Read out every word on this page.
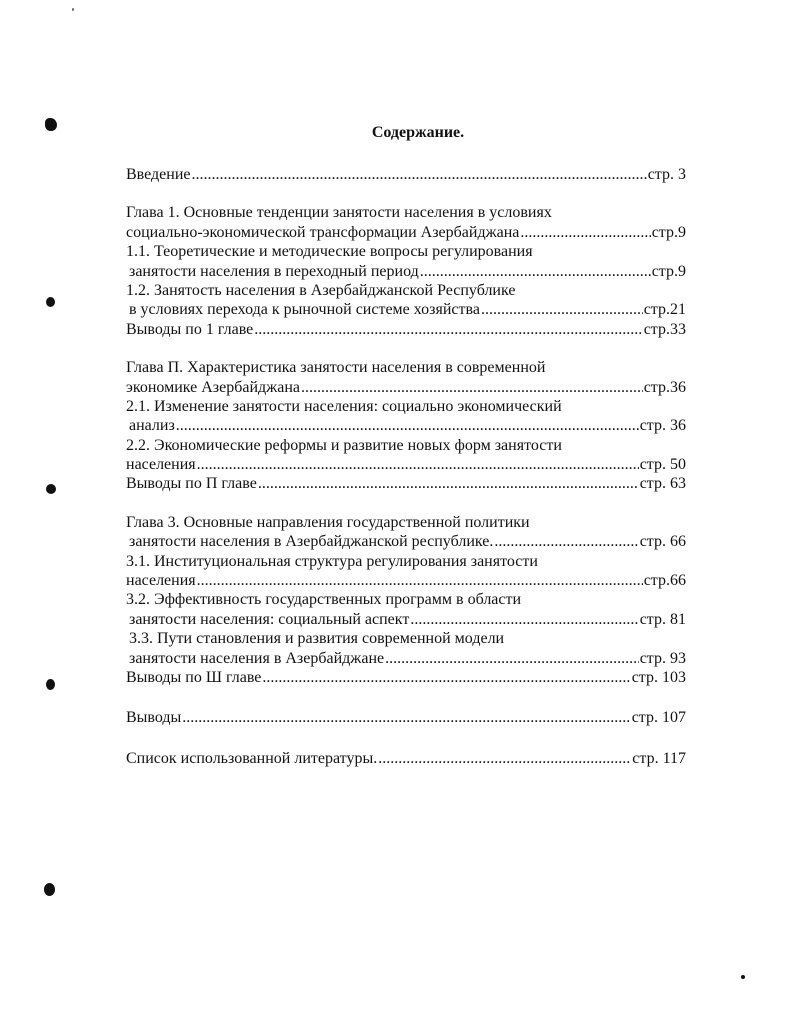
Содержание.
Введение .....	стр. 3
Глава 1. Основные тенденции занятости населения в условиях
социально-экономической трансформации Азербайджана .....	стр.9
1.1. Теоретические и методические вопросы регулирования
занятости населения в переходный период .....	стр.9
1.2. Занятость населения в Азербайджанской Республике
в условиях перехода к рыночной системе хозяйства .....	стр.21
Выводы по 1 главе .....	стр.33
Глава П. Характеристика занятости населения в современной
экономике Азербайджана .....	стр.36
2.1. Изменение занятости населения: социально экономический
анализ .....	стр. 36
2.2. Экономические реформы и развитие новых форм занятости
населения .....	стр. 50
Выводы по П главе .....	стр. 63
Глава 3. Основные направления государственной политики
занятости населения в Азербайджанской республике. .....	стр. 66
3.1. Институциональная структура регулирования занятости
населения .....	стр.66
3.2. Эффективность государственных программ в области
занятости населения: социальный аспект .....	стр. 81
3.3. Пути становления и развития современной модели
занятости населения в Азербайджане .....	стр. 93
Выводы по Ш главе .....	стр. 103
Выводы .....	стр. 107
Список использованной литературы. .....	стр. 117
